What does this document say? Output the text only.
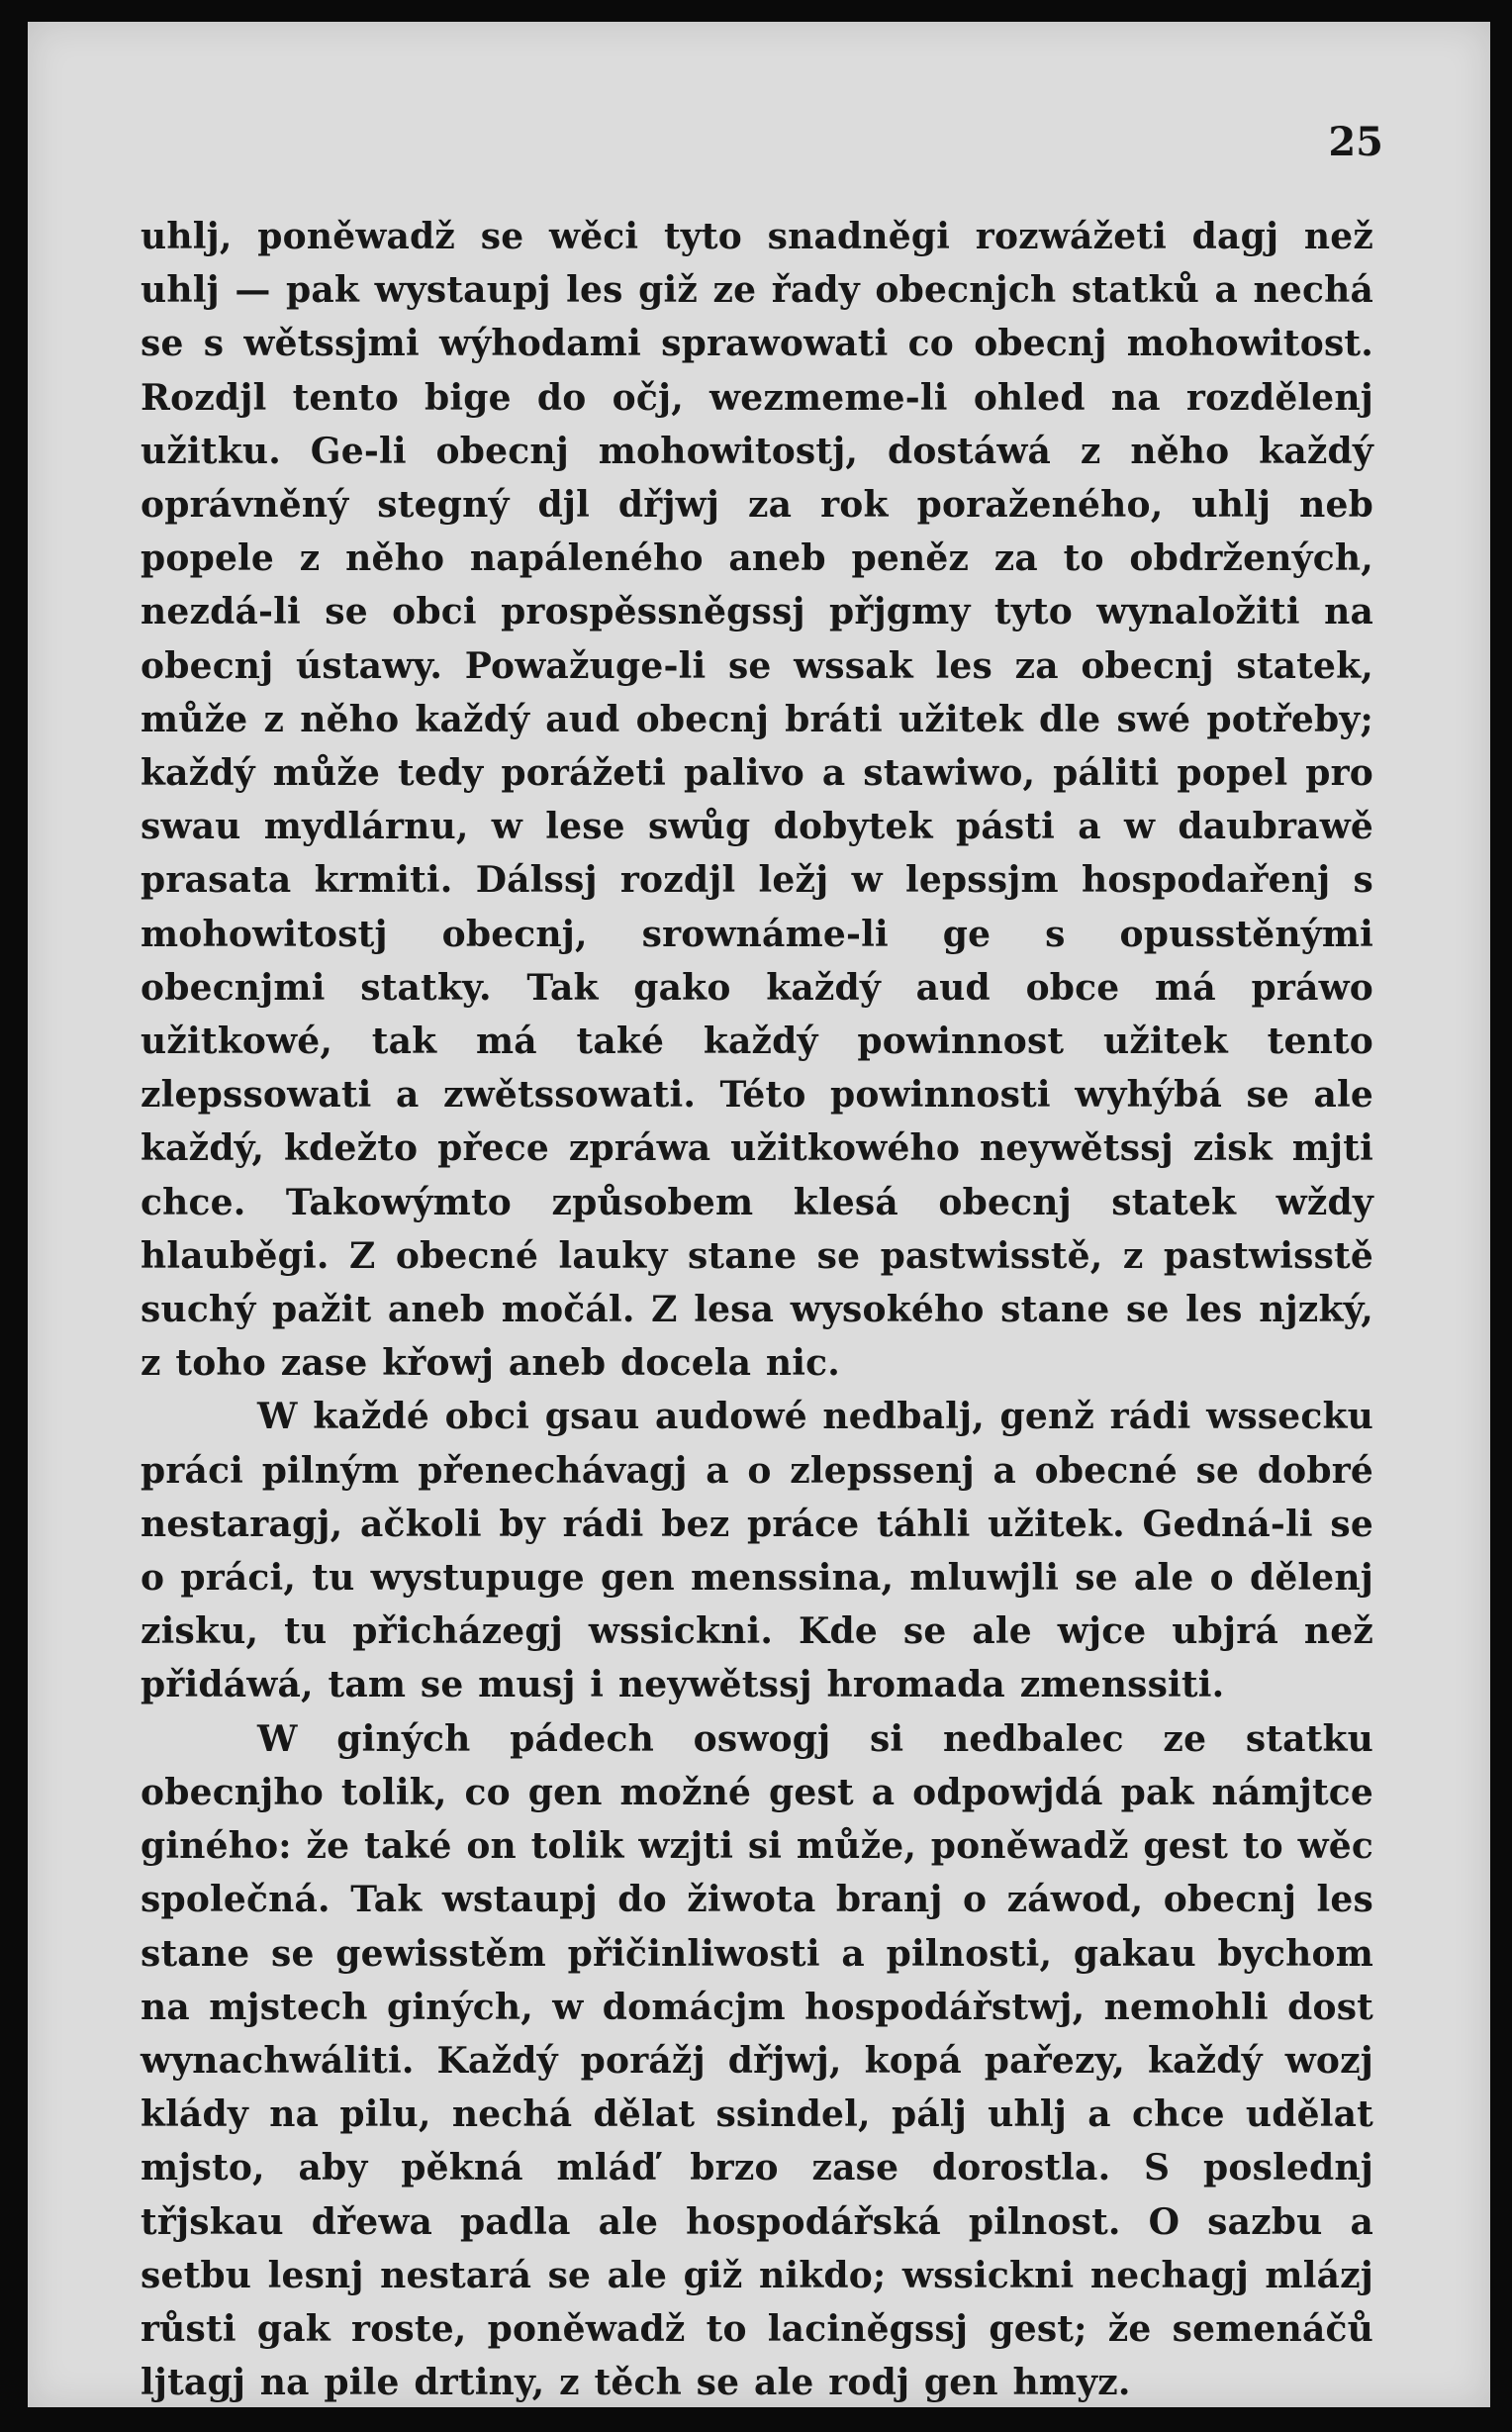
25

uhlj, poněwadž se wěci tyto snadněgi rozwážeti dagj než uhlj — pak wystaupj les giž ze řady obecnjch statků a nechá se s wětssjmi wýhodami sprawowati co obecnj mohowitost. Rozdjl tento bige do očj, wezmeme-li ohled na rozdělenj užitku. Ge-li obecnj mohowitostj, dostáwá z něho každý oprávněný stegný djl dřjwj za rok poraženého, uhlj neb popele z něho napáleného aneb peněz za to obdržených, nezdá-li se obci prospěssněgssj přjgmy tyto wynaložiti na obecnj ústawy. Powažuge-li se wssak les za obecnj statek, může z něho každý aud obecnj bráti užitek dle swé potřeby; každý může tedy porážeti palivo a stawiwo, páliti popel pro swau mydlárnu, w lese swůg dobytek pásti a w daubrawě prasata krmiti. Dálssj rozdjl ležj w lepssjm hospodařenj s mohowitostj obecnj, srownáme-li ge s opusstěnými obecnjmi statky. Tak gako každý aud obce má práwo užitkowé, tak má také každý powinnost užitek tento zlepssowati a zwětssowati. Této powinnosti wyhýbá se ale každý, kdežto přece zpráwa užitkowého neywětssj zisk mjti chce. Takowýmto způsobem klesá obecnj statek wždy hlauběgi. Z obecné lauky stane se pastwisstě, z pastwisstě suchý pažit aneb močál. Z lesa wysokého stane se les njzký, z toho zase křowj aneb docela nic.

W každé obci gsau audowé nedbalj, genž rádi wssecku práci pilným přenechávagj a o zlepssenj a obecné se dobré nestaragj, ačkoli by rádi bez práce táhli užitek. Gedná-li se o práci, tu wystupuge gen menssina, mluwjli se ale o dělenj zisku, tu přicházegj wssickni. Kde se ale wjce ubjrá než přidáwá, tam se musj i neywětssj hromada zmenssiti.

W giných pádech oswogj si nedbalec ze statku obecnjho tolik, co gen možné gest a odpowjdá pak námjtce giného: že také on tolik wzjti si může, poněwadž gest to wěc společná. Tak wstaupj do žiwota branj o záwod, obecnj les stane se gewisstěm přičinliwosti a pilnosti, gakau bychom na mjstech giných, w domácjm hospodářstwj, nemohli dost wynachwáliti. Každý porážj dřjwj, kopá pařezy, každý wozj klády na pilu, nechá dělat ssindel, pálj uhlj a chce udělat mjsto, aby pěkná mláď brzo zase dorostla. S poslednj třjskau dřewa padla ale hospodářská pilnost. O sazbu a setbu lesnj nestará se ale giž nikdo; wssickni nechagj mlázj růsti gak roste, poněwadž to laciněgssj gest; že semenáčů ljtagj na pile drtiny, z těch se ale rodj gen hmyz.
